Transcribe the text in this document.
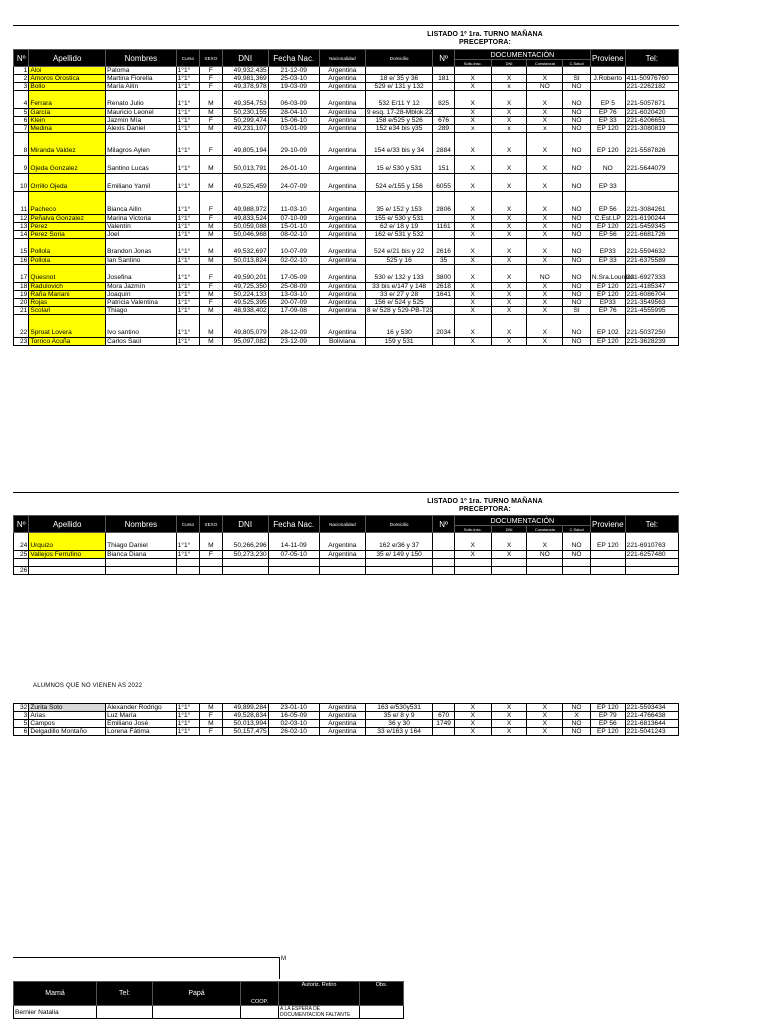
LISTADO 1º 1ra. TURNO MAÑANA
PRECEPTORA:
Nº	Apellido	Nombres	Curso	SEXO	DNI	Fecha Nac.	Nacionalidad	Domicilio	Nº	DOCUMENTACIÓN				Proviene	Tel:
										Solic.insc.	DNI	Constancia	C.Salud		
1	Aloi	Paloma	1°1°	F	49,932,435	21-12-09	Argentina								
2	Amoros Orostica	Martina Fiorella	1°1°	F	49,981,369	25-03-10	Argentina	18 e/ 35 y 36	181	X	X	X	SI	J.Roberto	411-50976760
3	Bollo	María Ailín	1°1°	F	49,378,978	19-03-09	Argentina	529 e/ 131 y 132		X	x	NO	NO		221-2262182
4	Ferrara	Renato Julio	1°1°	M	49,354,753	06-03-09	Argentina	532 E/11 Y 12	825	X	X	X	NO	EP 5	221-5057871
5	García	Mauricio Leonel	1°1°	M	50,230,155	28-04-10	Argentina	9 esq. 17-28-Mblok 22		X	X	X	NO	EP 76	221-6020420
6	Klein	Jazmín Mía	1°1°	F	50,299,474	15-06-10	Argentina	158 e/525 y 526	676	X	X	X	NO	EP 33	221-6206651
7	Medina	Alexis Daniel	1°1°	M	49,231,107	03-01-09	Argentina	152 e34 bis y35	289	x	x	x	NO	EP 120	221-3080819
8	Miranda Valdez	Milagros Aylen	1°1°	F	49,805,194	29-10-09	Argentina	154 e/33 bis y 34	2884	X	X	X	NO	EP 120	221-5587826
9	Ojeda Gonzalez	Santino Lucas	1°1°	M	50,013,791	26-01-10	Argentina	15 e/ 530 y 531	151	X	X	X	NO	NO	221-5644079
10	Orrillo Ojeda	Emiliano Yamil	1°1°	M	49,525,459	24-07-09	Argentina	524 e/155 y 156	6055	X	X	X	NO	EP 33	
11	Pacheco	Bianca Ailín	1°1°	F	49,988,972	11-03-10	Argentina	35 e/ 152 y 153	2806	X	X	X	NO	EP 56	221-3084261
12	Peñalva Gonzalez	Marina Victoria	1°1°	F	49,833,524	07-10-09	Argentina	155 e/ 530 y 531		X	X	X	NO	C.Est.LP	221-6190244
13	Pérez	Valentín	1°1°	M	50,059,088	15-01-10	Argentina	62 e/ 18 y 19	1161	X	X	X	NO	EP 120	221-5459345
14	Perez Soria	Joel	1°1°	M	50,046,968	08-02-10	Argentina	162 e/ 531 y 532		X	X	X	NO	EP 56	221-6681726
15	Pollola	Brandon Jonas	1°1°	M	49,532,697	10-07-09	Argentina	524 e/21 bis y 22	2616	X	X	X	NO	EP33	221-5594632
16	Pollola	Ian Santino	1°1°	M	50,013,824	02-02-10	Argentina	525 y 16	35	X	X	X	NO	EP 33	221-6375589
17	Quesnot	Josefina	1°1°	F	49,590,201	17-05-09	Argentina	530 e/ 132 y 133	3800	X	X	NO	NO	N.Sra.Lourdes	221-6927333
18	Radulovich	Mora Jazmín	1°1°	F	49,725,350	25-08-09	Argentina	33 bis e/147 y 148	2618	X	X	X	NO	EP 120	221-4185347
19	Raña Mariani	Joaquín	1°1°	M	50,224,133	13-03-10	Argentina	33 e/ 27 y 28	1641	X	X	X	NO	EP 120	221-6086704
20	Rojas	Patricia Valentina	1°1°	F	49,525,395	20-07-09	Argentina	156 e/ 524 y 525		X	X	X	NO	EP33	221-3549563
21	Scolari	Thiago	1°1°	M	48,938,402	17-09-08	Argentina	8 e/ 528 y 529-PB-T29		X	X	X	SI	EP 76	221-4555995
22	Sproat Lovera	Ivo santino	1°1°	M	49,805,079	28-12-09	Argentina	16 y 530	2034	X	X	X	NO	EP 102	221-5037250
23	Torrico Acuña	Carlos Saúl	1°1°	M	95,097,082	23-12-09	Boliviana	159 y 531		X	X	X	NO	EP 120	221-3628239
LISTADO 1º 1ra. TURNO MAÑANA
PRECEPTORA:
Nº	Apellido	Nombres	Curso	SEXO	DNI	Fecha Nac.	Nacionalidad	Domicilio	Nº	DOCUMENTACIÓN				Proviene	Tel:
										Solic.insc.	DNI	Constancia	C.Salud		
24	Urquizo	Thiago Daniel	1°1°	M	50,266,296	14-11-09	Argentina	162 e/36 y 37		X	X	X	NO	EP 120	221-6910763
25	Vallejos Ferrufino	Bianca Diana	1°1°	F	50,273,230	07-05-10	Argentina	35 e/ 149 y 150		X	X	NO	NO		221-6257480

26															
ALUMNOS QUE NO VIENEN AS 2022
32	Zurita Soto	Alexander Rodrigo	1°1°	M	49,899,284	23-01-10	Argentina	163 e/530y531		X	X	X	NO	EP 120	221-5593434
3	Arias	Luz María	1°1°	F	49,528,834	16-05-09	Argentina	35 e/ 8 y 9	670	X	X	X	X	EP 79	221-4766438
5	Campos	Emiliano José	1°1°	M	50,013,994	02-03-10	Argentina	36 y 30	1749	X	X	X	NO	EP 56	221-6813644
6	Delgadillo Montaño	Lorena Fátima	1°1°	F	50,157,475	26-02-10	Argentina	33 e/163 y 164		X	X	X	NO	EP 120	221-5041243
M
Mamá	Tel:	Papá	COOP.	Autoriz. Retiro	Obs.
Bernier Natalia				A LA ESPERA DE DOCUMENTACION FALTANTE	
